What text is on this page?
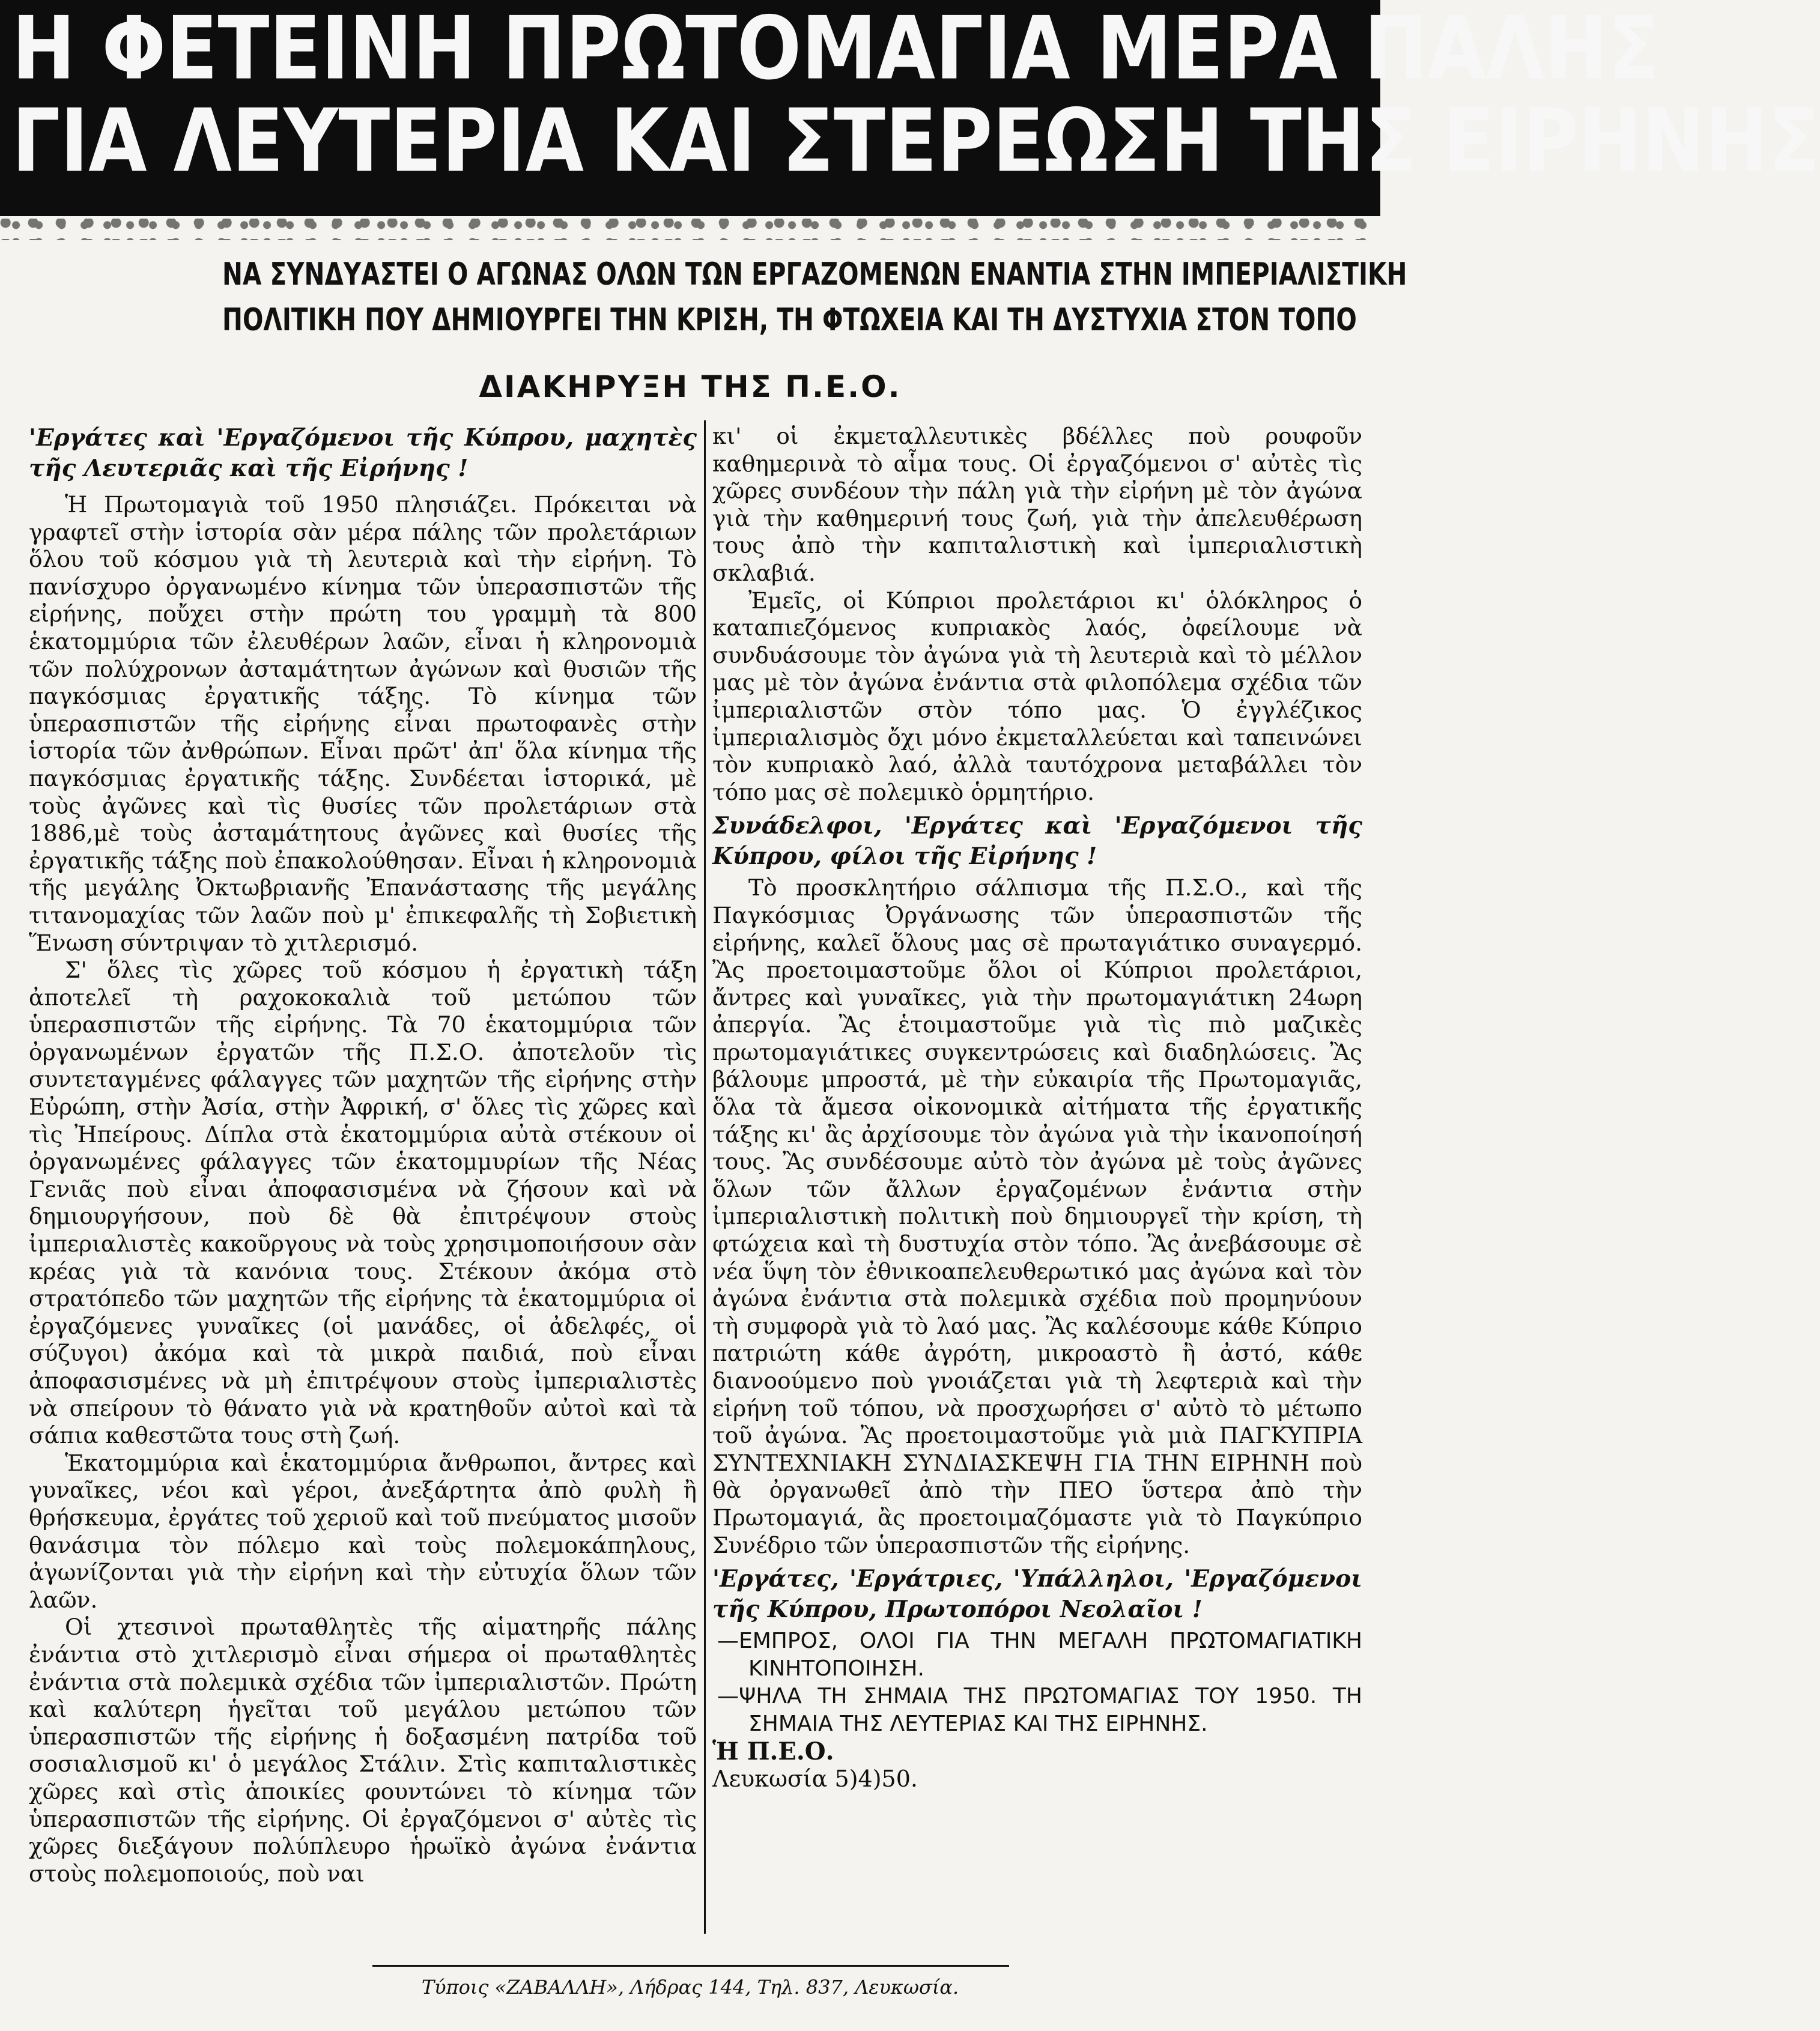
Η ΦΕΤΕΙΝΗ ΠΡΩΤΟΜΑΓΙΑ ΜΕΡΑ ΠΑΛΗΣ
ΓΙΑ ΛΕΥΤΕΡΙΑ ΚΑΙ ΣΤΕΡΕΩΣΗ ΤΗΣ ΕΙΡΗΝΗΣ
ΝΑ ΣΥΝΔΥΑΣΤΕΙ Ο ΑΓΩΝΑΣ ΟΛΩΝ ΤΩΝ ΕΡΓΑΖΟΜΕΝΩΝ ΕΝΑΝΤΙΑ ΣΤΗΝ ΙΜΠΕΡΙΑΛΙΣΤΙΚΗ
ΠΟΛΙΤΙΚΗ ΠΟΥ ΔΗΜΙΟΥΡΓΕΙ ΤΗΝ ΚΡΙΣΗ, ΤΗ ΦΤΩΧΕΙΑ ΚΑΙ ΤΗ ΔΥΣΤΥΧΙΑ ΣΤΟΝ ΤΟΠΟ
ΔΙΑΚΗΡΥΞΗ ΤΗΣ Π.Ε.Ο.

'Εργάτες καὶ 'Εργαζόμενοι τῆς Κύπρου, μαχητὲς τῆς Λευτεριᾶς καὶ τῆς Εἰρήνης !

Ἡ Πρωτομαγιὰ τοῦ 1950 πλησιάζει. Πρόκειται νὰ γραφτεῖ στὴν ἱστορία σὰν μέρα πάλης τῶν προλετάριων ὅλου τοῦ κόσμου γιὰ τὴ λευτεριὰ καὶ τὴν εἰρήνη. Τὸ πανίσχυρο ὀργανωμένο κίνημα τῶν ὑπερασπιστῶν τῆς εἰρήνης, ποὔχει στὴν πρώτη του γραμμὴ τὰ 800 ἑκατομμύρια τῶν ἐλευθέρων λαῶν, εἶναι ἡ κληρονομιὰ τῶν πολύχρονων ἀσταμάτητων ἀγώνων καὶ θυσιῶν τῆς παγκόσμιας ἐργατικῆς τάξης. Τὸ κίνημα τῶν ὑπερασπιστῶν τῆς εἰρήνης εἶναι πρωτοφανὲς στὴν ἱστορία τῶν ἀνθρώπων. Εἶναι πρῶτ' ἀπ' ὅλα κίνημα τῆς παγκόσμιας ἐργατικῆς τάξης. Συνδέεται ἱστορικά, μὲ τοὺς ἀγῶνες καὶ τὶς θυσίες τῶν προλετάριων στὰ 1886,μὲ τοὺς ἀσταμάτητους ἀγῶνες καὶ θυσίες τῆς ἐργατικῆς τάξης ποὺ ἐπακολούθησαν. Εἶναι ἡ κληρονομιὰ τῆς μεγάλης Ὀκτωβριανῆς Ἐπανάστασης τῆς μεγάλης τιτανομαχίας τῶν λαῶν ποὺ μ' ἐπικεφαλῆς τὴ Σοβιετικὴ Ἕνωση σύντριψαν τὸ χιτλερισμό.

Σ' ὅλες τὶς χῶρες τοῦ κόσμου ἡ ἐργατικὴ τάξη ἀποτελεῖ τὴ ραχοκοκαλιὰ τοῦ μετώπου τῶν ὑπερασπιστῶν τῆς εἰρήνης. Τὰ 70 ἑκατομμύρια τῶν ὀργανωμένων ἐργατῶν τῆς Π.Σ.Ο. ἀποτελοῦν τὶς συντεταγμένες φάλαγγες τῶν μαχητῶν τῆς εἰρήνης στὴν Εὐρώπη, στὴν Ἀσία, στὴν Ἀφρική, σ' ὅλες τὶς χῶρες καὶ τὶς Ἠπείρους. Δίπλα στὰ ἑκατομμύρια αὐτὰ στέκουν οἱ ὀργανωμένες φάλαγγες τῶν ἑκατομμυρίων τῆς Νέας Γενιᾶς ποὺ εἶναι ἀποφασισμένα νὰ ζήσουν καὶ νὰ δημιουργήσουν, ποὺ δὲ θὰ ἐπιτρέψουν στοὺς ἰμπεριαλιστὲς κακοῦργους νὰ τοὺς χρησιμοποιήσουν σὰν κρέας γιὰ τὰ κανόνια τους. Στέκουν ἀκόμα στὸ στρατόπεδο τῶν μαχητῶν τῆς εἰρήνης τὰ ἑκατομμύρια οἱ ἐργαζόμενες γυναῖκες (οἱ μανάδες, οἱ ἀδελφές, οἱ σύζυγοι) ἀκόμα καὶ τὰ μικρὰ παιδιά, ποὺ εἶναι ἀποφασισμένες νὰ μὴ ἐπιτρέψουν στοὺς ἰμπεριαλιστὲς νὰ σπείρουν τὸ θάνατο γιὰ νὰ κρατηθοῦν αὐτοὶ καὶ τὰ σάπια καθεστῶτα τους στὴ ζωή.

Ἑκατομμύρια καὶ ἑκατομμύρια ἄνθρωποι, ἄντρες καὶ γυναῖκες, νέοι καὶ γέροι, ἀνεξάρτητα ἀπὸ φυλὴ ἢ θρήσκευμα, ἐργάτες τοῦ χεριοῦ καὶ τοῦ πνεύματος μισοῦν θανάσιμα τὸν πόλεμο καὶ τοὺς πολεμοκάπηλους, ἀγωνίζονται γιὰ τὴν εἰρήνη καὶ τὴν εὐτυχία ὅλων τῶν λαῶν.

Οἱ χτεσινοὶ πρωταθλητὲς τῆς αἱματηρῆς πάλης ἐνάντια στὸ χιτλερισμὸ εἶναι σήμερα οἱ πρωταθλητὲς ἐνάντια στὰ πολεμικὰ σχέδια τῶν ἰμπεριαλιστῶν. Πρώτη καὶ καλύτερη ἡγεῖται τοῦ μεγάλου μετώπου τῶν ὑπερασπιστῶν τῆς εἰρήνης ἡ δοξασμένη πατρίδα τοῦ σοσιαλισμοῦ κι' ὁ μεγάλος Στάλιν. Στὶς καπιταλιστικὲς χῶρες καὶ στὶς ἀποικίες φουντώνει τὸ κίνημα τῶν ὑπερασπιστῶν τῆς εἰρήνης. Οἱ ἐργαζόμενοι σ' αὐτὲς τὶς χῶρες διεξάγουν πολύπλευρο ἡρωϊκὸ ἀγώνα ἐνάντια στοὺς πολεμοποιούς, ποὺ ναι

κι' οἱ ἐκμεταλλευτικὲς βδέλλες ποὺ ρουφοῦν καθημερινὰ τὸ αἷμα τους. Οἱ ἐργαζόμενοι σ' αὐτὲς τὶς χῶρες συνδέουν τὴν πάλη γιὰ τὴν εἰρήνη μὲ τὸν ἀγώνα γιὰ τὴν καθημερινή τους ζωή, γιὰ τὴν ἀπελευθέρωση τους ἀπὸ τὴν καπιταλιστικὴ καὶ ἰμπεριαλιστικὴ σκλαβιά.

Ἐμεῖς, οἱ Κύπριοι προλετάριοι κι' ὁλόκληρος ὁ καταπιεζόμενος κυπριακὸς λαός, ὀφείλουμε νὰ συνδυάσουμε τὸν ἀγώνα γιὰ τὴ λευτεριὰ καὶ τὸ μέλλον μας μὲ τὸν ἀγώνα ἐνάντια στὰ φιλοπόλεμα σχέδια τῶν ἰμπεριαλιστῶν στὸν τόπο μας. Ὁ ἐγγλέζικος ἰμπεριαλισμὸς ὄχι μόνο ἐκμεταλλεύεται καὶ ταπεινώνει τὸν κυπριακὸ λαό, ἀλλὰ ταυτόχρονα μεταβάλλει τὸν τόπο μας σὲ πολεμικὸ ὁρμητήριο.

Συνάδελφοι, 'Εργάτες καὶ 'Εργαζόμενοι τῆς Κύπρου, φίλοι τῆς Εἰρήνης !

Τὸ προσκλητήριο σάλπισμα τῆς Π.Σ.Ο., καὶ τῆς Παγκόσμιας Ὀργάνωσης τῶν ὑπερασπιστῶν τῆς εἰρήνης, καλεῖ ὅλους μας σὲ πρωταγιάτικο συναγερμό. Ἂς προετοιμαστοῦμε ὅλοι οἱ Κύπριοι προλετάριοι, ἄντρες καὶ γυναῖκες, γιὰ τὴν πρωτομαγιάτικη 24ωρη ἀπεργία. Ἂς ἑτοιμαστοῦμε γιὰ τὶς πιὸ μαζικὲς πρωτομαγιάτικες συγκεντρώσεις καὶ διαδηλώσεις. Ἂς βάλουμε μπροστά, μὲ τὴν εὐκαιρία τῆς Πρωτομαγιᾶς, ὅλα τὰ ἄμεσα οἰκονομικὰ αἰτήματα τῆς ἐργατικῆς τάξης κι' ἂς ἀρχίσουμε τὸν ἀγώνα γιὰ τὴν ἱκανοποίησή τους. Ἂς συνδέσουμε αὐτὸ τὸν ἀγώνα μὲ τοὺς ἀγῶνες ὅλων τῶν ἄλλων ἐργαζομένων ἐνάντια στὴν ἰμπεριαλιστικὴ πολιτικὴ ποὺ δημιουργεῖ τὴν κρίση, τὴ φτώχεια καὶ τὴ δυστυχία στὸν τόπο. Ἂς ἀνεβάσουμε σὲ νέα ὕψη τὸν ἐθνικοαπελευθερωτικό μας ἀγώνα καὶ τὸν ἀγώνα ἐνάντια στὰ πολεμικὰ σχέδια ποὺ προμηνύουν τὴ συμφορὰ γιὰ τὸ λαό μας. Ἂς καλέσουμε κάθε Κύπριο πατριώτη κάθε ἀγρότη, μικροαστὸ ἢ ἀστό, κάθε διανοούμενο ποὺ γνοιάζεται γιὰ τὴ λεφτεριὰ καὶ τὴν εἰρήνη τοῦ τόπου, νὰ προσχωρήσει σ' αὐτὸ τὸ μέτωπο τοῦ ἀγώνα. Ἂς προετοιμαστοῦμε γιὰ μιὰ ΠΑΓΚΥΠΡΙΑ ΣΥΝΤΕΧΝΙΑΚΗ ΣΥΝΔΙΑΣΚΕΨΗ ΓΙΑ ΤΗΝ ΕΙΡΗΝΗ ποὺ θὰ ὀργανωθεῖ ἀπὸ τὴν ΠΕΟ ὕστερα ἀπὸ τὴν Πρωτομαγιά, ἂς προετοιμαζόμαστε γιὰ τὸ Παγκύπριο Συνέδριο τῶν ὑπερασπιστῶν τῆς εἰρήνης.

'Εργάτες, 'Εργάτριες, 'Υπάλληλοι, 'Εργαζόμενοι τῆς Κύπρου, Πρωτοπόροι Νεολαῖοι !

—ΕΜΠΡΟΣ, ΟΛΟΙ ΓΙΑ ΤΗΝ ΜΕΓΑΛΗ ΠΡΩΤΟΜΑΓΙΑΤΙΚΗ ΚΙΝΗΤΟΠΟΙΗΣΗ.

—ΨΗΛΑ ΤΗ ΣΗΜΑΙΑ ΤΗΣ ΠΡΩΤΟΜΑΓΙΑΣ ΤΟΥ 1950. ΤΗ ΣΗΜΑΙΑ ΤΗΣ ΛΕΥΤΕΡΙΑΣ ΚΑΙ ΤΗΣ ΕΙΡΗΝΗΣ.

Ἡ Π.Ε.Ο.

Λευκωσία 5)4)50.

Τύποις «ΖΑΒΑΛΛΗ», Λήδρας 144, Τηλ. 837, Λευκωσία.
